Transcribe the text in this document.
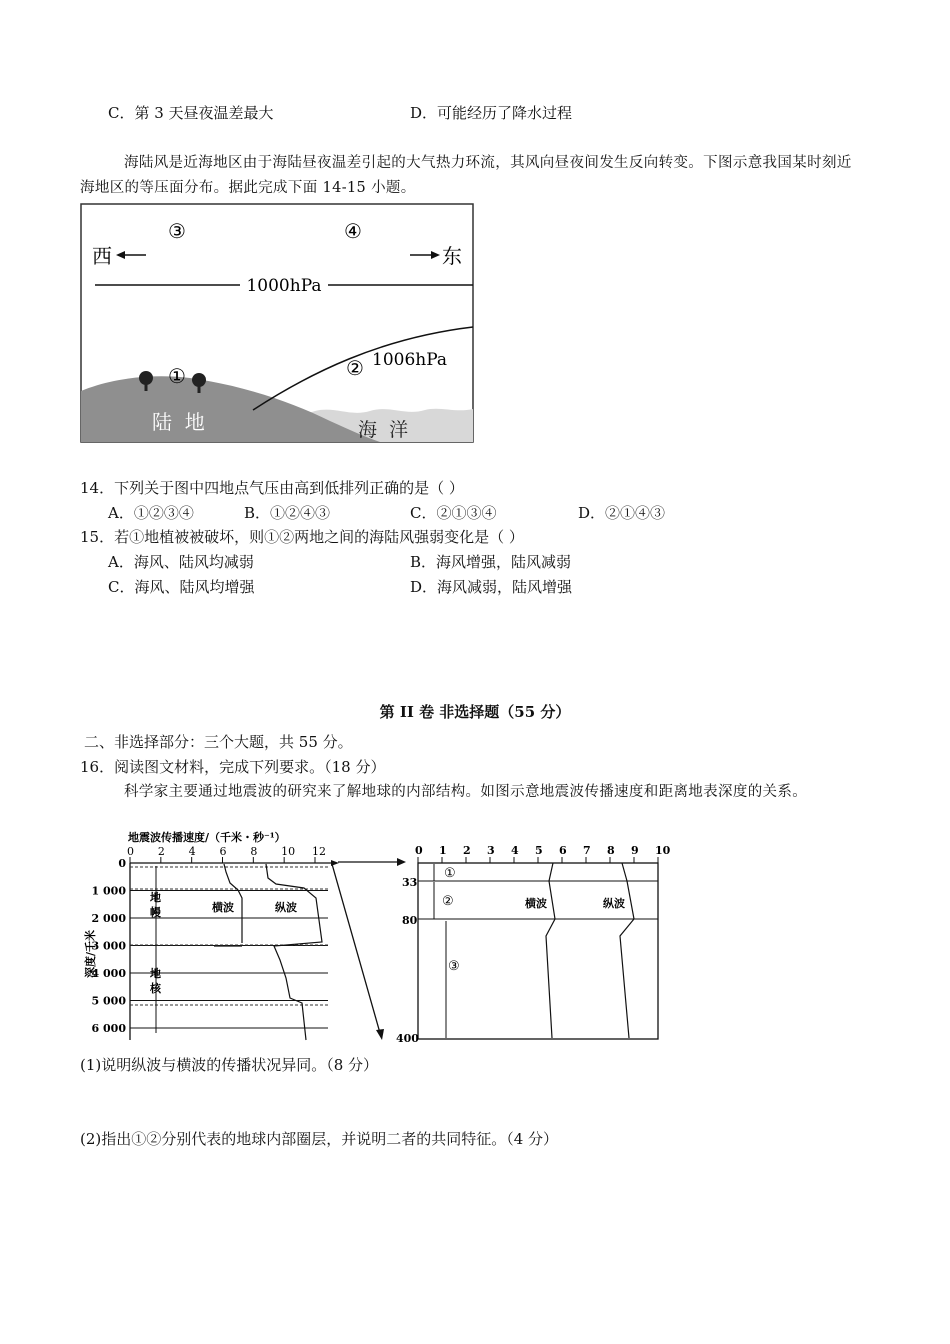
C．第 3 天昼夜温差最大	D．可能经历了降水过程
海陆风是近海地区由于海陆昼夜温差引起的大气热力环流，其风向昼夜间发生反向转变。下图示意我国某时刻近海地区的等压面分布。据此完成下面 14-15 小题。
西	东
③	④
①	②
1000hPa
1006hPa
陆  地	海  洋
14．下列关于图中四地点气压由高到低排列正确的是（ ）
A．①②③④	B．①②④③	C．②①③④	D．②①④③
15．若①地植被被破坏，则①②两地之间的海陆风强弱变化是（ ）
A．海风、陆风均减弱	B．海风增强，陆风减弱
C．海风、陆风均增强	D．海风减弱，陆风增强
第 II 卷 非选择题（55 分）
二、非选择部分：三个大题，共 55 分。
16．阅读图文材料，完成下列要求。（18 分）
科学家主要通过地震波的研究来了解地球的内部结构。如图示意地震波传播速度和距离地表深度的关系。
地震波传播速度/（千米・秒⁻¹）
深度/千米
0 2 4 6 8 10 12
0
1 000
2 000
3 000
4 000
5 000
6 000
地
幔
地
核
横波	纵波
0 1 2 3 4 5 6 7 8 9 10
33
80
400
①
②
③
横波	纵波
(1)说明纵波与横波的传播状况异同。（8 分）
(2)指出①②分别代表的地球内部圈层，并说明二者的共同特征。（4 分）
